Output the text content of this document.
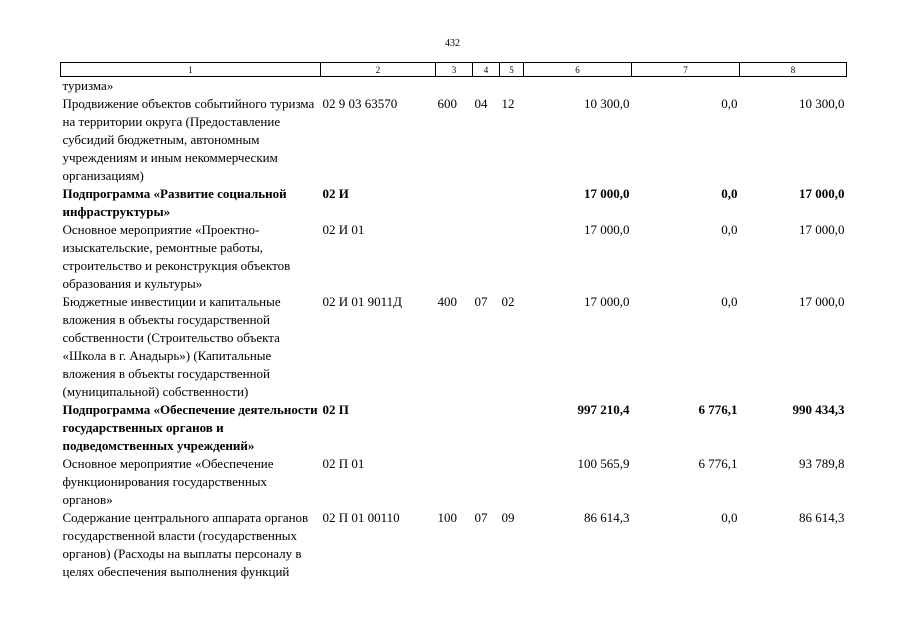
432
1	2	3	4	5	6	7	8
туризма»							
Продвижение объектов событийного туризма на территории округа (Предоставление субсидий бюджетным, автономным учреждениям и иным некоммерческим организациям)	02 9 03 63570	600	04	12	10 300,0	0,0	10 300,0
Подпрограмма «Развитие социальной инфраструктуры»	02 И				17 000,0	0,0	17 000,0
Основное мероприятие «Проектно-изыскательские, ремонтные работы, строительство и реконструкция объектов образования и культуры»	02 И 01				17 000,0	0,0	17 000,0
Бюджетные инвестиции и капитальные вложения в объекты государственной собственности (Строительство объекта «Школа в г. Анадырь») (Капитальные вложения в объекты государственной (муниципальной) собственности)	02 И 01 9011Д	400	07	02	17 000,0	0,0	17 000,0
Подпрограмма «Обеспечение деятельности государственных органов и подведомственных учреждений»	02 П				997 210,4	6 776,1	990 434,3
Основное мероприятие «Обеспечение функционирования государственных органов»	02 П 01				100 565,9	6 776,1	93 789,8
Содержание центрального аппарата органов государственной власти (государственных органов) (Расходы на выплаты персоналу в целях обеспечения выполнения функций	02 П 01 00110	100	07	09	86 614,3	0,0	86 614,3
